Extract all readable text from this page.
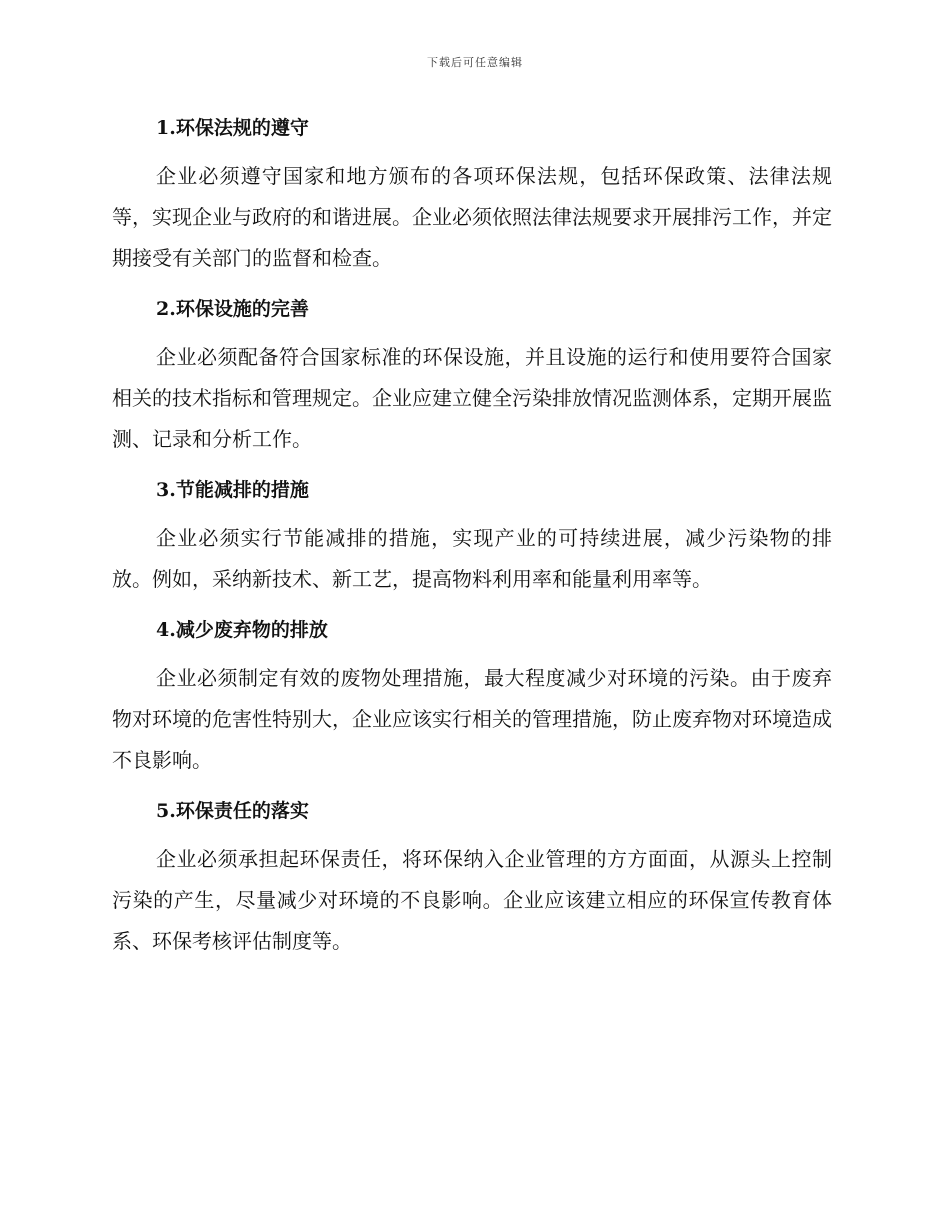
下载后可任意编辑
1.环保法规的遵守

企业必须遵守国家和地方颁布的各项环保法规，包括环保政策、法律法规等，实现企业与政府的和谐进展。企业必须依照法律法规要求开展排污工作，并定期接受有关部门的监督和检查。

2.环保设施的完善

企业必须配备符合国家标准的环保设施，并且设施的运行和使用要符合国家相关的技术指标和管理规定。企业应建立健全污染排放情况监测体系，定期开展监测、记录和分析工作。

3.节能减排的措施

企业必须实行节能减排的措施，实现产业的可持续进展，减少污染物的排放。例如，采纳新技术、新工艺，提高物料利用率和能量利用率等。

4.减少废弃物的排放

企业必须制定有效的废物处理措施，最大程度减少对环境的污染。由于废弃物对环境的危害性特别大，企业应该实行相关的管理措施，防止废弃物对环境造成不良影响。

5.环保责任的落实

企业必须承担起环保责任，将环保纳入企业管理的方方面面，从源头上控制污染的产生，尽量减少对环境的不良影响。企业应该建立相应的环保宣传教育体系、环保考核评估制度等。
